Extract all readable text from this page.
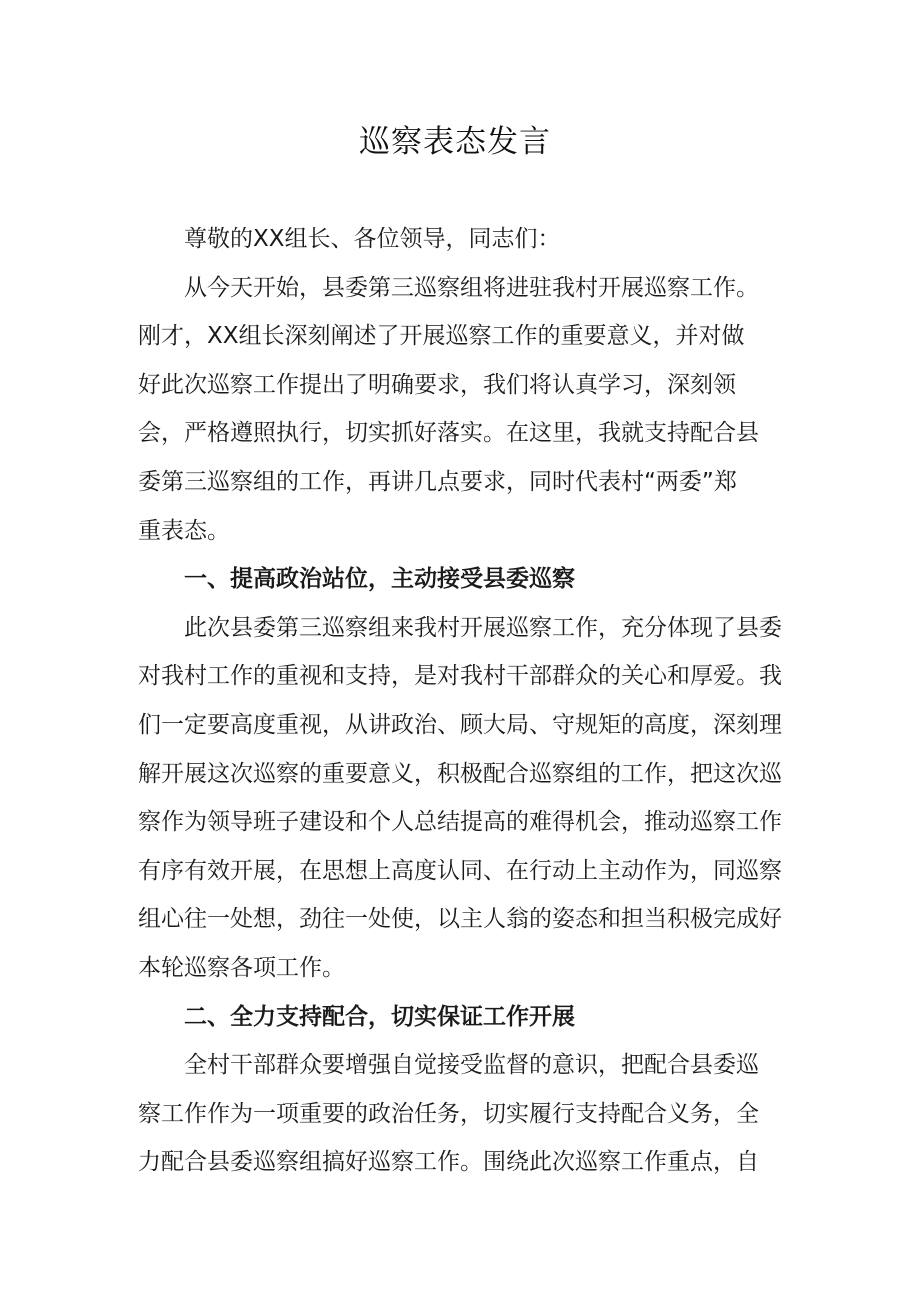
巡察表态发言
尊敬的XX组长、各位领导，同志们：
从今天开始，县委第三巡察组将进驻我村开展巡察工作。
刚才，XX组长深刻阐述了开展巡察工作的重要意义，并对做
好此次巡察工作提出了明确要求，我们将认真学习，深刻领
会，严格遵照执行，切实抓好落实。在这里，我就支持配合县
委第三巡察组的工作，再讲几点要求，同时代表村“两委”郑
重表态。
一、提高政治站位，主动接受县委巡察
此次县委第三巡察组来我村开展巡察工作，充分体现了县委
对我村工作的重视和支持，是对我村干部群众的关心和厚爱。我
们一定要高度重视，从讲政治、顾大局、守规矩的高度，深刻理
解开展这次巡察的重要意义，积极配合巡察组的工作，把这次巡
察作为领导班子建设和个人总结提高的难得机会，推动巡察工作
有序有效开展，在思想上高度认同、在行动上主动作为，同巡察
组心往一处想，劲往一处使，以主人翁的姿态和担当积极完成好
本轮巡察各项工作。
二、全力支持配合，切实保证工作开展
全村干部群众要增强自觉接受监督的意识，把配合县委巡
察工作作为一项重要的政治任务，切实履行支持配合义务，全
力配合县委巡察组搞好巡察工作。围绕此次巡察工作重点，自
